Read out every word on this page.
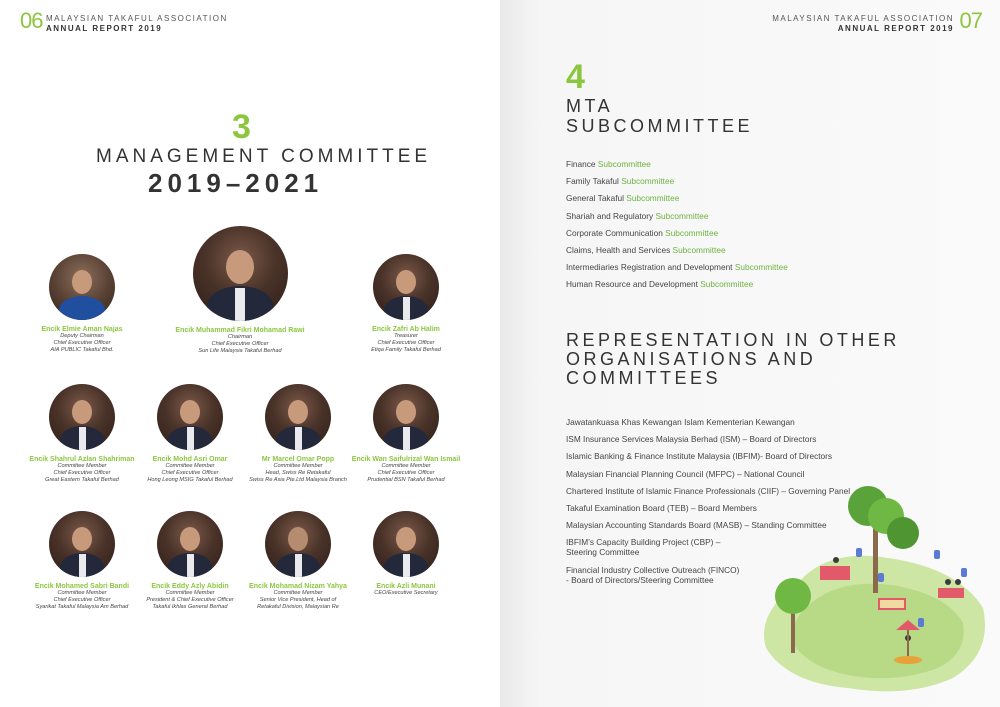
06 MALAYSIAN TAKAFUL ASSOCIATION
ANNUAL REPORT 2019
3
MANAGEMENT COMMITTEE
2019–2021
Encik Muhammad Fikri Mohamad Rawi
Chairman
Chief Executive Officer
Sun Life Malaysia Takaful Berhad
Encik Elmie Aman Najas
Deputy Chairman
Chief Executive Officer
AIA PUBLIC Takaful Bhd.
Encik Zafri Ab Halim
Treasurer
Chief Executive Officer
Etiqa Family Takaful Berhad
Encik Shahrul Azlan Shahriman
Committee Member
Chief Executive Officer
Great Eastern Takaful Berhad
Encik Mohd Asri Omar
Committee Member
Chief Executive Officer
Hong Leong MSIG Takaful Berhad
Mr Marcel Omar Popp
Committee Member
Head, Swiss Re Retakaful
Swiss Re Asia Pte.Ltd Malaysia Branch
Encik Wan Saifulrizal Wan Ismail
Committee Member
Chief Executive Officer
Prudential BSN Takaful Berhad
Encik Mohamed Sabri Bandi
Committee Member
Chief Executive Officer
Syarikat Takaful Malaysia Am Berhad
Encik Eddy Azly Abidin
Committee Member
President & Chief Executive Officer
Takaful Ikhlas General Berhad
Encik Mohamad Nizam Yahya
Committee Member
Senior Vice President, Head of
Retakaful Division, Malaysian Re
Encik Azli Munani
CEO/Executive Secretary
MALAYSIAN TAKAFUL ASSOCIATION
ANNUAL REPORT 2019 07
4
MTA
SUBCOMMITTEE
Finance Subcommittee
Family Takaful Subcommittee
General Takaful Subcommittee
Shariah and Regulatory Subcommittee
Corporate Communication Subcommittee
Claims, Health and Services Subcommittee
Intermediaries Registration and Development Subcommittee
Human Resource and Development Subcommittee
REPRESENTATION IN OTHER
ORGANISATIONS AND
COMMITTEES
Jawatankuasa Khas Kewangan Islam Kementerian Kewangan
ISM Insurance Services Malaysia Berhad (ISM) – Board of Directors
Islamic Banking & Finance Institute Malaysia (IBFIM)- Board of Directors
Malaysian Financial Planning Council (MFPC) – National Council
Chartered Institute of Islamic Finance Professionals (CIIF) – Governing Panel
Takaful Examination Board (TEB) – Board Members
Malaysian Accounting Standards Board (MASB) – Standing Committee
IBFIM’s Capacity Building Project (CBP) –
Steering Committee
Financial Industry Collective Outreach (FINCO)
- Board of Directors/Steering Committee
